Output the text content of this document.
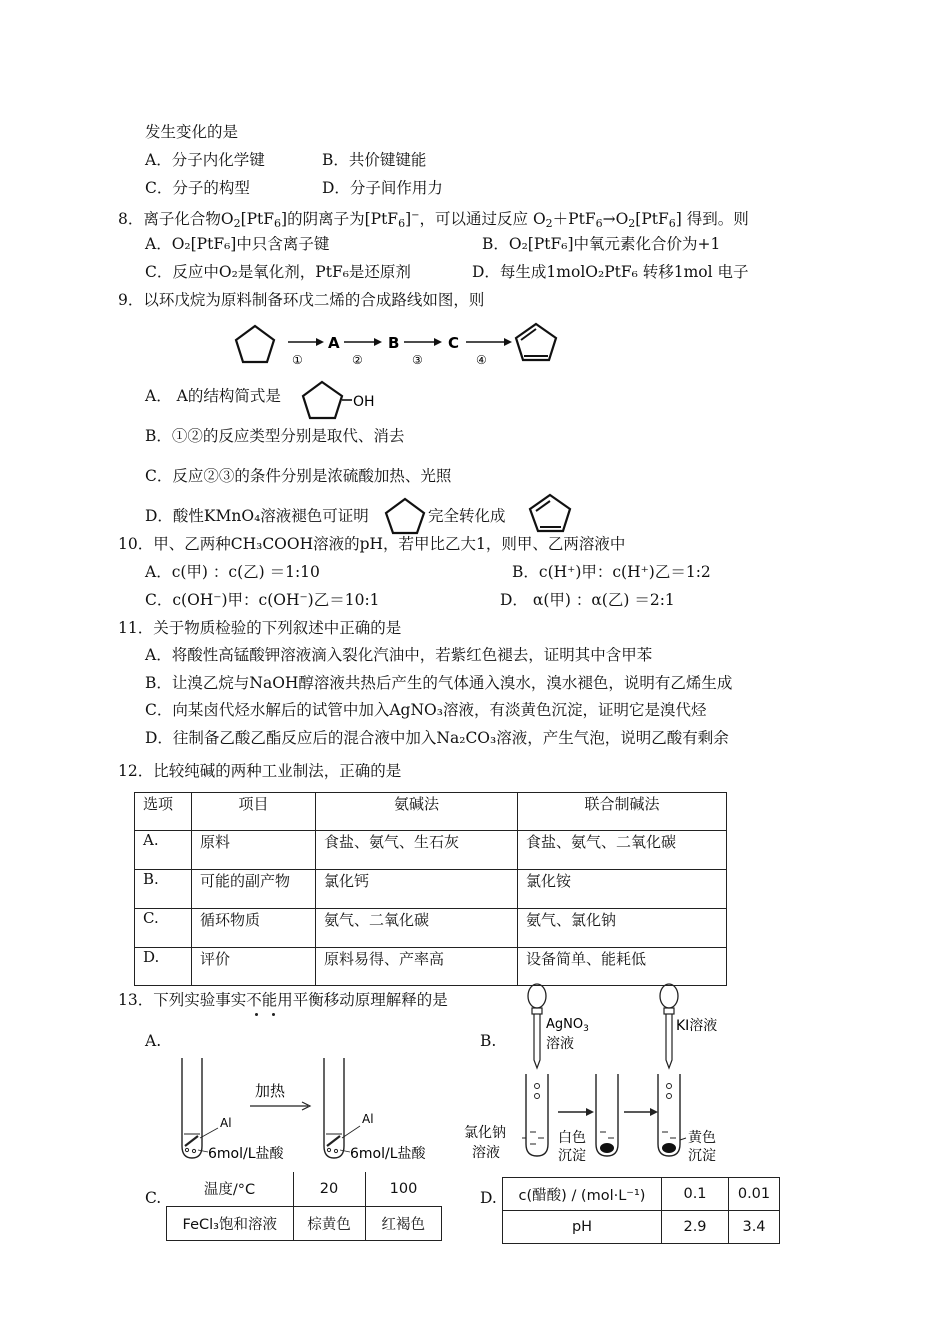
发生变化的是
A．分子内化学键	B．共价键键能
C．分子的构型	D．分子间作用力
8．离子化合物O2[PtF6]的阴离子为[PtF6]−，可以通过反应 O2＋PtF6→O2[PtF6] 得到。则
A．O₂[PtF₆]中只含离子键	B．O₂[PtF₆]中氧元素化合价为+1
C．反应中O₂是氧化剂，PtF₆是还原剂	D．每生成1molO₂PtF₆ 转移1mol 电子
9．以环戊烷为原料制备环戊二烯的合成路线如图，则
①
A
②
B
③
C
④
A． A的结构简式是	OH
B．①②的反应类型分别是取代、消去
C．反应②③的条件分别是浓硫酸加热、光照
D．酸性KMnO₄溶液褪色可证明	完全转化成
10．甲、乙两种CH₃COOH溶液的pH，若甲比乙大1，则甲、乙两溶液中
A．c(甲) ：c(乙) ＝1:10	B．c(H⁺)甲：c(H⁺)乙＝1:2
C．c(OH⁻)甲：c(OH⁻)乙＝10:1	D． α(甲) ：α(乙) ＝2:1
11．关于物质检验的下列叙述中正确的是
A．将酸性高锰酸钾溶液滴入裂化汽油中，若紫红色褪去，证明其中含甲苯
B．让溴乙烷与NaOH醇溶液共热后产生的气体通入溴水，溴水褪色，说明有乙烯生成
C．向某卤代烃水解后的试管中加入AgNO₃溶液，有淡黄色沉淀，证明它是溴代烃
D．往制备乙酸乙酯反应后的混合液中加入Na₂CO₃溶液，产生气泡，说明乙酸有剩余
12．比较纯碱的两种工业制法，正确的是
选项	项目	氨碱法	联合制碱法
A.	原料	食盐、氨气、生石灰	食盐、氨气、二氧化碳
B.	可能的副产物	氯化钙	氯化铵
C.	循环物质	氨气、二氧化碳	氨气、氯化钠
D.	评价	原料易得、产率高	设备简单、能耗低
13．下列实验事实不能用平衡移动原理解释的是
A.	B.
Al
6mol/L盐酸
加热
Al
6mol/L盐酸
AgNO$_3$
溶液
KI溶液
氯化钠
溶液
白色
沉淀
黄色
沉淀
C.	温度/°C	20	100
FeCl₃饱和溶液	棕黄色	红褐色
D. c(醋酸) / (mol·L⁻¹)	0.1	0.01
pH	2.9	3.4
